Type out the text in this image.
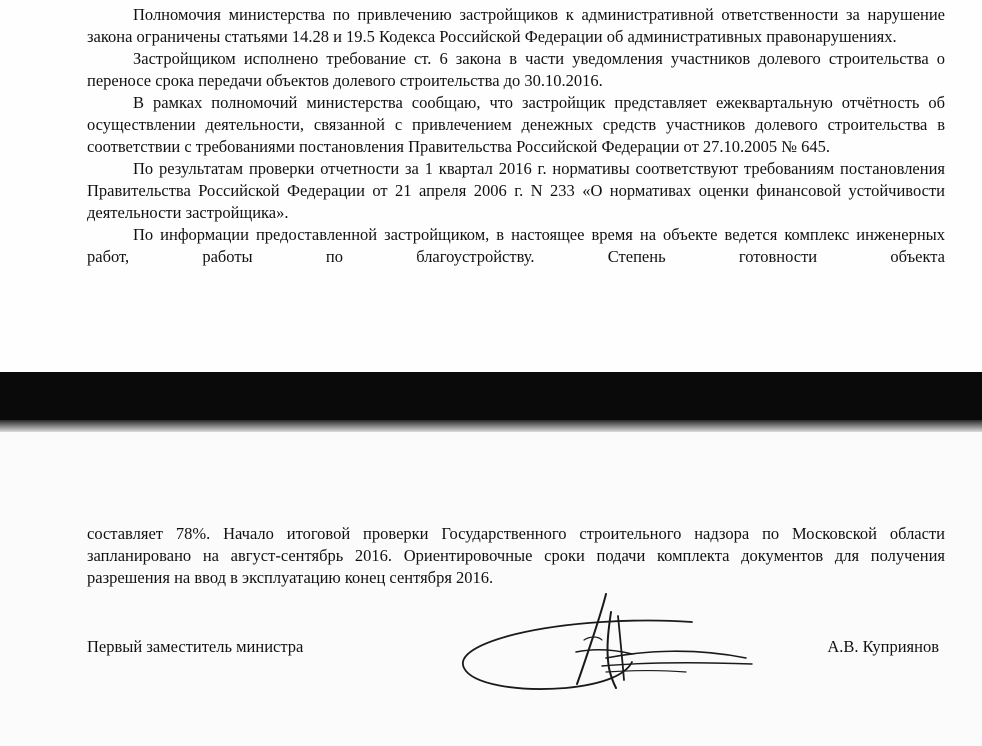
Полномочия министерства по привлечению застройщиков к административной ответственности за нарушение закона ограничены статьями 14.28 и 19.5 Кодекса Российской Федерации об административных правонарушениях.

Застройщиком исполнено требование ст. 6 закона в части уведомления участников долевого строительства о переносе срока передачи объектов долевого строительства до 30.10.2016.

В рамках полномочий министерства сообщаю, что застройщик представляет ежеквартальную отчётность об осуществлении деятельности, связанной с привлечением денежных средств участников долевого строительства в соответствии с требованиями постановления Правительства Российской Федерации от 27.10.2005 № 645.

По результатам проверки отчетности за 1 квартал 2016 г. нормативы соответствуют требованиям постановления Правительства Российской Федерации от 21 апреля 2006 г. N 233 «О нормативах оценки финансовой устойчивости деятельности застройщика».

По информации предоставленной застройщиком, в настоящее время на объекте ведется комплекс инженерных работ, работы по благоустройству. Степень готовности объекта

составляет 78%. Начало итоговой проверки Государственного строительного надзора по Московской области запланировано на август-сентябрь 2016. Ориентировочные сроки подачи комплекта документов для получения разрешения на ввод в эксплуатацию конец сентября 2016.

Первый заместитель министра	А.В. Куприянов
